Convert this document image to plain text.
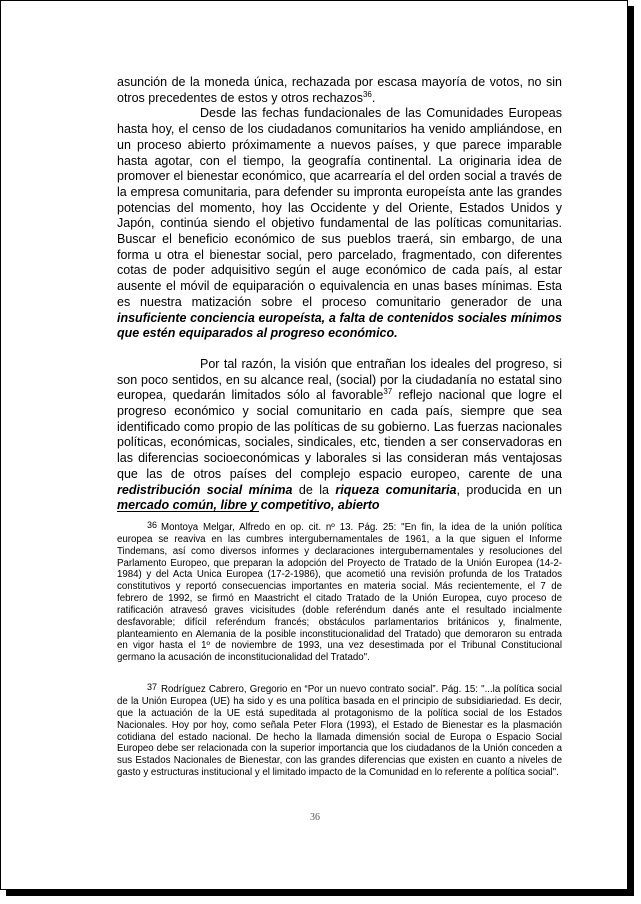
asunción de la moneda única, rechazada por escasa mayoría de votos, no sin otros precedentes de estos y otros rechazos$^{36}$.

Desde las fechas fundacionales de las Comunidades Europeas hasta hoy, el censo de los ciudadanos comunitarios ha venido ampliándose, en un proceso abierto próximamente a nuevos países, y que parece imparable hasta agotar, con el tiempo, la geografía continental. La originaria idea de promover el bienestar económico, que acarrearía el del orden social a través de la empresa comunitaria, para defender su impronta europeísta ante las grandes potencias del momento, hoy las Occidente y del Oriente, Estados Unidos y Japón, continúa siendo el objetivo fundamental de las políticas comunitarias. Buscar el beneficio económico de sus pueblos traerá, sin embargo, de una forma u otra el bienestar social, pero parcelado, fragmentado, con diferentes cotas de poder adquisitivo según el auge económico de cada país, al estar ausente el móvil de equiparación o equivalencia en unas bases mínimas. Esta es nuestra matización sobre el proceso comunitario generador de una insuficiente conciencia europeísta, a falta de contenidos sociales mínimos que estén equiparados al progreso económico.

Por tal razón, la visión que entrañan los ideales del progreso, si son poco sentidos, en su alcance real, (social) por la ciudadanía no estatal sino europea, quedarán limitados sólo al favorable$^{37}$ reflejo nacional que logre el progreso económico y social comunitario en cada país, siempre que sea identificado como propio de las políticas de su gobierno. Las fuerzas nacionales políticas, económicas, sociales, sindicales, etc, tienden a ser conservadoras en las diferencias socioeconómicas y laborales si las consideran más ventajosas que las de otros países del complejo espacio europeo, carente de una redistribución social mínima de la riqueza comunitaria, producida en un mercado común, libre y competitivo, abierto

36 Montoya Melgar, Alfredo en op. cit. nº 13. Pág. 25: "En fin, la idea de la unión política europea se reaviva en las cumbres intergubernamentales de 1961, a la que siguen el Informe Tindemans, así como diversos informes y declaraciones intergubernamentales y resoluciones del Parlamento Europeo, que preparan la adopción del Proyecto de Tratado de la Unión Europea (14-2-1984) y del Acta Unica Europea (17-2-1986), que acometió una revisión profunda de los Tratados constitutivos y reportó consecuencias importantes en materia social. Más recientemente, el 7 de febrero de 1992, se firmó en Maastricht el citado Tratado de la Unión Europea, cuyo proceso de ratificación atravesó graves vicisitudes (doble referéndum danés ante el resultado incialmente desfavorable; difícil referéndum francés; obstáculos parlamentarios británicos y, finalmente, planteamiento en Alemania de la posible inconstitucionalidad del Tratado) que demoraron su entrada en vigor hasta el 1º de noviembre de 1993, una vez desestimada por el Tribunal Constitucional germano la acusación de inconstitucionalidad del Tratado".

37 Rodríguez Cabrero, Gregorio en “Por un nuevo contrato social”. Pág. 15: "...la política social de la Unión Europea (UE) ha sido y es una política basada en el principio de subsidiariedad. Es decir, que la actuación de la UE está supeditada al protagonismo de la política social de los Estados Nacionales. Hoy por hoy, como señala Peter Flora (1993), el Estado de Bienestar es la plasmación cotidiana del estado nacional. De hecho la llamada dimensión social de Europa o Espacio Social Europeo debe ser relacionada con la superior importancia que los ciudadanos de la Unión conceden a sus Estados Nacionales de Bienestar, con las grandes diferencias que existen en cuanto a niveles de gasto y estructuras institucional y el limitado impacto de la Comunidad en lo referente a política social".

36
